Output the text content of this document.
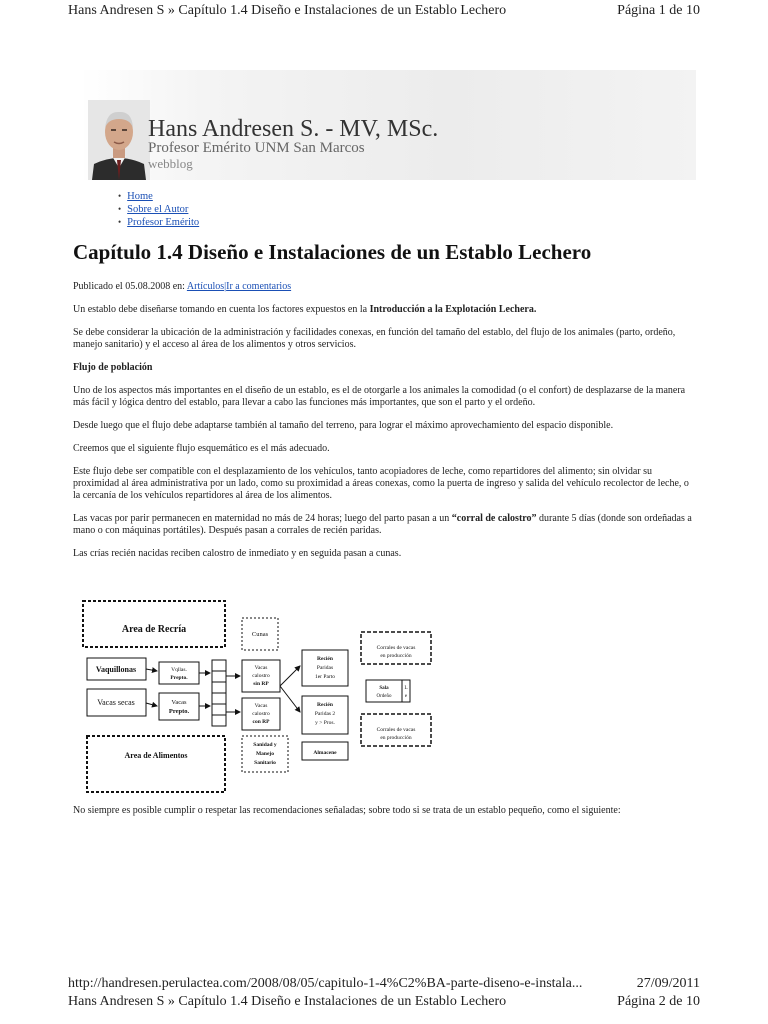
Hans Andresen S » Capítulo 1.4 Diseño e Instalaciones de un Establo Lechero	Página 1 de 10
Hans Andresen S. - MV, MSc.
Profesor Emérito UNM San Marcos
webblog
• Home
• Sobre el Autor
• Profesor Emérito
Capítulo 1.4 Diseño e Instalaciones de un Establo Lechero

Publicado el 05.08.2008 en: Artículos|Ir a comentarios

Un establo debe diseñarse tomando en cuenta los factores expuestos en la Introducción a la Explotación Lechera.

Se debe considerar la ubicación de la administración y facilidades conexas, en función del tamaño del establo, del flujo de los animales (parto, ordeño, manejo sanitario) y el acceso al área de los alimentos y otros servicios.

Flujo de población

Uno de los aspectos más importantes en el diseño de un establo, es el de otorgarle a los animales la comodidad (o el confort) de desplazarse de la manera más fácil y lógica dentro del establo, para llevar a cabo las funciones más importantes, que son el parto y el ordeño.

Desde luego que el flujo debe adaptarse también al tamaño del terreno, para lograr el máximo aprovechamiento del espacio disponible.

Creemos que el siguiente flujo esquemático es el más adecuado.

Este flujo debe ser compatible con el desplazamiento de los vehículos, tanto acopiadores de leche, como repartidores del alimento; sin olvidar su proximidad al área administrativa por un lado, como su proximidad a áreas conexas, como la puerta de ingreso y salida del vehículo recolector de leche, o la cercanía de los vehículos repartidores al área de los alimentos.

Las vacas por parir permanecen en maternidad no más de 24 horas; luego del parto pasan a un “corral de calostro” durante 5 días (donde son ordeñadas a mano o con máquinas portátiles). Después pasan a corrales de recién paridas.

Las crías recién nacidas reciben calostro de inmediato y en seguida pasan a cunas.

Area de Recría	Cunas
Corrales de vacas
en producción
Vaquillonas	Vqllas.
Prepto.
Vacas
calostro
sin RP
Recién
Paridas
1er Parto
Sala
Ordeño
L
e
Vacas secas	Vacas
Prepto.
Vacas
calostro
con RP
Recién
Paridas 2
y > Pros.
Corrales de vacas
en producción
Area de Alimentos
Sanidad y
Manejo
Sanitario
Almacene
No siempre es posible cumplir o respetar las recomendaciones señaladas; sobre todo si se trata de un establo pequeño, como el siguiente:
http://handresen.perulactea.com/2008/08/05/capitulo-1-4%C2%BA-parte-diseno-e-instala...	27/09/2011
Hans Andresen S » Capítulo 1.4 Diseño e Instalaciones de un Establo Lechero	Página 2 de 10
